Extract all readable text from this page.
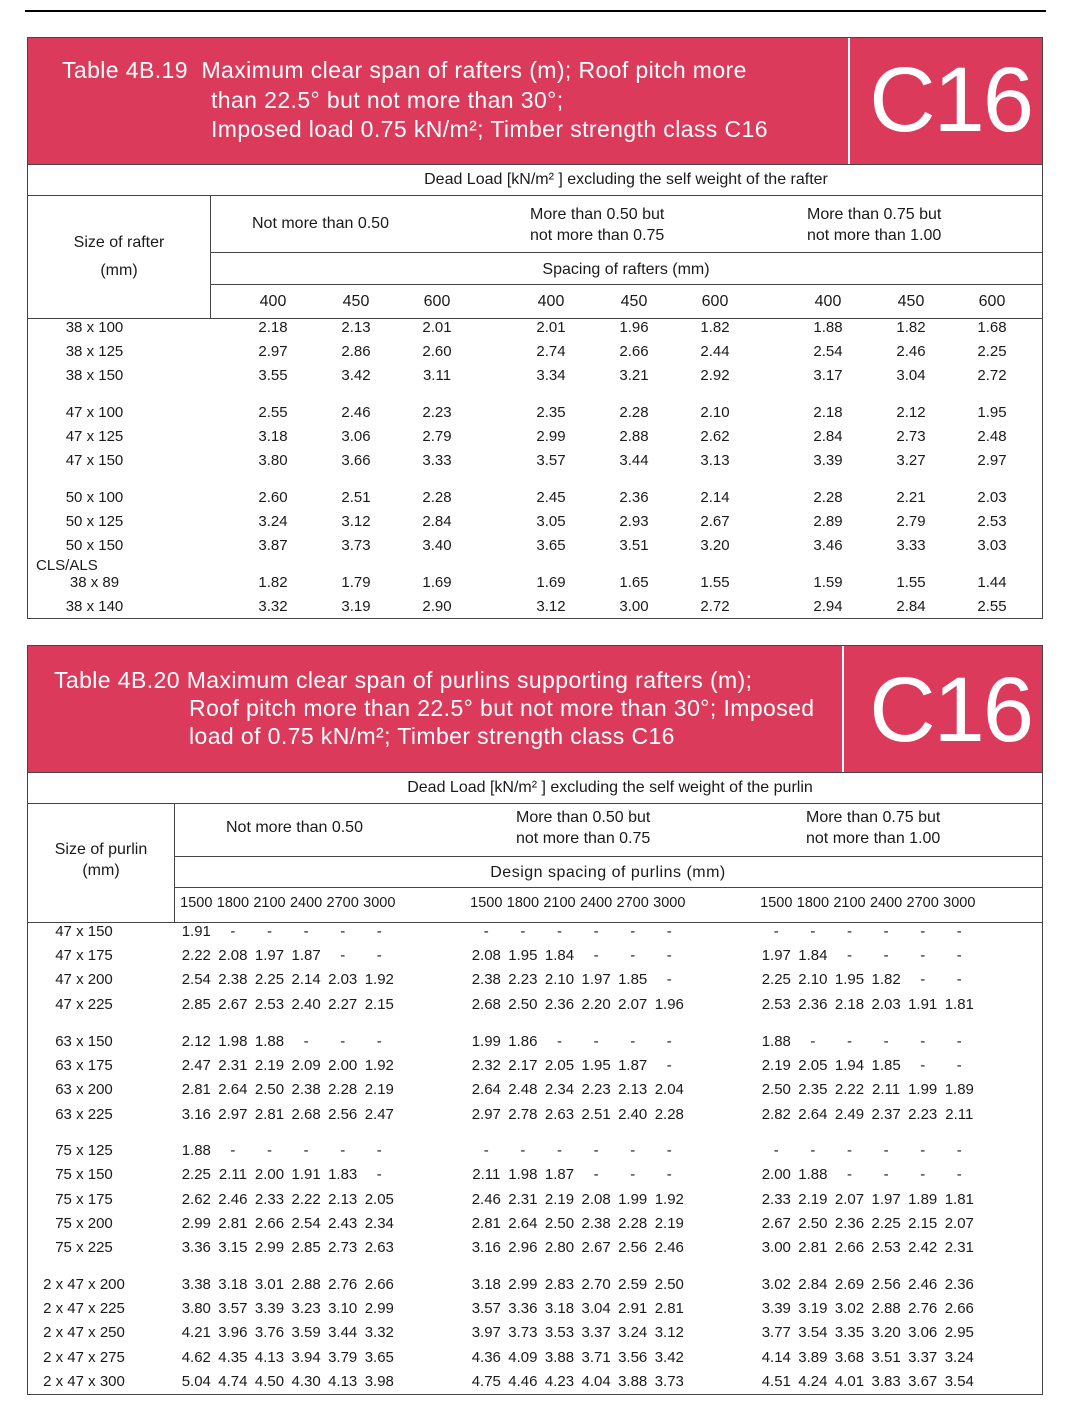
Table 4B.19 Maximum clear span of rafters (m); Roof pitch more
than 22.5° but not more than 30°;
Imposed load 0.75 kN/m²; Timber strength class C16 C16
Dead Load [kN/m² ] excluding the self weight of the rafter
Size of rafter
(mm)
Not more than 0.50
More than 0.50 but
not more than 0.75
More than 0.75 but
not more than 1.00
Spacing of rafters (mm)
400	450	600	400	450	600	400	450	600
38 x 100	2.18	2.13	2.01	2.01	1.96	1.82	1.88	1.82	1.68
38 x 125	2.97	2.86	2.60	2.74	2.66	2.44	2.54	2.46	2.25
38 x 150	3.55	3.42	3.11	3.34	3.21	2.92	3.17	3.04	2.72
47 x 100	2.55	2.46	2.23	2.35	2.28	2.10	2.18	2.12	1.95
47 x 125	3.18	3.06	2.79	2.99	2.88	2.62	2.84	2.73	2.48
47 x 150	3.80	3.66	3.33	3.57	3.44	3.13	3.39	3.27	2.97
50 x 100	2.60	2.51	2.28	2.45	2.36	2.14	2.28	2.21	2.03
50 x 125	3.24	3.12	2.84	3.05	2.93	2.67	2.89	2.79	2.53
50 x 150	3.87	3.73	3.40	3.65	3.51	3.20	3.46	3.33	3.03
38 x 89	1.82	1.79	1.69	1.69	1.65	1.55	1.59	1.55	1.44
38 x 140	3.32	3.19	2.90	3.12	3.00	2.72	2.94	2.84	2.55
CLS/ALS
Table 4B.20 Maximum clear span of purlins supporting rafters (m);
Roof pitch more than 22.5° but not more than 30°; Imposed
load of 0.75 kN/m²; Timber strength class C16	C16
Dead Load [kN/m² ] excluding the self weight of the purlin
Size of purlin
(mm)
Not more than 0.50
More than 0.50 but
not more than 0.75
More than 0.75 but
not more than 1.00
Design spacing of purlins (mm)
1500 1800 2100 2400 2700 3000	1500 1800 2100 2400 2700 3000	1500 1800 2100 2400 2700 3000
47 x 150	1.91	-	-	-	-	-	-	-	-	-	-	-	-	-	-	-	-	-
47 x 175	2.22 2.08 1.97 1.87	-	-	2.08 1.95 1.84	-	-	-	1.97 1.84	-	-	-	-
47 x 200	2.54 2.38 2.25 2.14 2.03 1.92	2.38 2.23 2.10 1.97 1.85	-	2.25 2.10 1.95 1.82	-	-
47 x 225	2.85 2.67 2.53 2.40 2.27 2.15	2.68 2.50 2.36 2.20 2.07 1.96	2.53 2.36 2.18 2.03 1.91 1.81
63 x 150	2.12 1.98 1.88	-	-	-	1.99 1.86	-	-	-	-	1.88	-	-	-	-	-
63 x 175	2.47 2.31 2.19 2.09 2.00 1.92	2.32 2.17 2.05 1.95 1.87	-	2.19 2.05 1.94 1.85	-	-
63 x 200	2.81 2.64 2.50 2.38 2.28 2.19	2.64 2.48 2.34 2.23 2.13 2.04	2.50 2.35 2.22 2.11 1.99 1.89
63 x 225	3.16 2.97 2.81 2.68 2.56 2.47	2.97 2.78 2.63 2.51 2.40 2.28	2.82 2.64 2.49 2.37 2.23 2.11
75 x 125	1.88	-	-	-	-	-	-	-	-	-	-	-	-	-	-	-	-	-
75 x 150	2.25 2.11 2.00 1.91 1.83	-	2.11 1.98 1.87	-	-	-	2.00 1.88	-	-	-	-
75 x 175	2.62 2.46 2.33 2.22 2.13 2.05	2.46 2.31 2.19 2.08 1.99 1.92	2.33 2.19 2.07 1.97 1.89 1.81
75 x 200	2.99 2.81 2.66 2.54 2.43 2.34	2.81 2.64 2.50 2.38 2.28 2.19	2.67 2.50 2.36 2.25 2.15 2.07
75 x 225	3.36 3.15 2.99 2.85 2.73 2.63	3.16 2.96 2.80 2.67 2.56 2.46	3.00 2.81 2.66 2.53 2.42 2.31
2 x 47 x 200	3.38 3.18 3.01 2.88 2.76 2.66	3.18 2.99 2.83 2.70 2.59 2.50	3.02 2.84 2.69 2.56 2.46 2.36
2 x 47 x 225	3.80 3.57 3.39 3.23 3.10 2.99	3.57 3.36 3.18 3.04 2.91 2.81	3.39 3.19 3.02 2.88 2.76 2.66
2 x 47 x 250	4.21 3.96 3.76 3.59 3.44 3.32	3.97 3.73 3.53 3.37 3.24 3.12	3.77 3.54 3.35 3.20 3.06 2.95
2 x 47 x 275	4.62 4.35 4.13 3.94 3.79 3.65	4.36 4.09 3.88 3.71 3.56 3.42	4.14 3.89 3.68 3.51 3.37 3.24
2 x 47 x 300	5.04 4.74 4.50 4.30 4.13 3.98	4.75 4.46 4.23 4.04 3.88 3.73	4.51 4.24 4.01 3.83 3.67 3.54
